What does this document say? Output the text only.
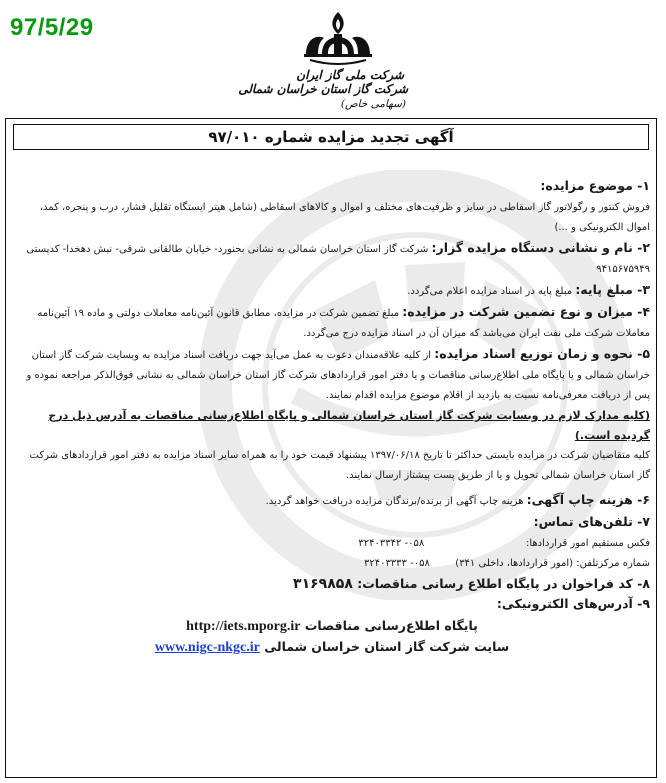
97/5/29
شرکت ملی گاز ایران
شرکت گاز استان خراسان شمالی
(سهامی خاص)
آگهی تجدید مزایده شماره ۹۷/۰۱۰

۱- موضوع مزایده:

فروش کنتور و رگولاتور گاز اسقاطی در سایز و ظرفیت‌های مختلف و اموال و کالاهای اسقاطی (شامل هیتر ایستگاه تقلیل فشار، درب و پنجره، کمد، اموال الکترونیکی و ...)

۲- نام و نشانی دستگاه مزایده گزار: شرکت گاز استان خراسان شمالی به نشانی بجنورد- خیابان طالقانی شرقی- نبش دهخدا- کدپستی ۹۴۱۵۶۷۵۹۴۹

۳- مبلغ پایه: مبلغ پایه در اسناد مزایده اعلام می‌گردد.

۴- میزان و نوع تضمین شرکت در مزایده: مبلغ تضمین شرکت در مزایده، مطابق قانون آئین‌نامه معاملات دولتی و ماده ۱۹ آئین‌نامه معاملات شرکت ملی نفت ایران می‌باشد که میزان آن در اسناد مزایده درج می‌گردد.

۵- نحوه و زمان توزیع اسناد مزایده: از کلیه علاقه‌مندان دعوت به عمل می‌آید جهت دریافت اسناد مزایده به وبسایت شرکت گاز استان خراسان شمالی و یا پایگاه ملی اطلاع‌رسانی مناقصات و یا دفتر امور قراردادهای شرکت گاز استان خراسان شمالی به نشانی فوق‌الذکر مراجعه نموده و پس از دریافت معرفی‌نامه نسبت به بازدید از اقلام موضوع مزایده اقدام نمایند.

(کلیه مدارک لازم در وبسایت شرکت گاز استان خراسان شمالی و پایگاه اطلاع‌رسانی مناقصات به آدرس ذیل درج گردیده است.)

کلیه متقاضیان شرکت در مزایده بایستی حداکثر تا تاریخ ۱۳۹۷/۰۶/۱۸ پیشنهاد قیمت خود را به همراه سایر اسناد مزایده به دفتر امور قراردادهای شرکت گاز استان خراسان شمالی تحویل و یا از طریق پست پیشتاز ارسال نمایند.

۶- هزینه چاپ آگهی: هزینه چاپ آگهی از برنده/برندگان مزایده دریافت خواهد گردید.

۷- تلفن‌های تماس:

فکس مستقیم امور قراردادها:                                ۰۵۸- ۳۲۴۰۳۳۴۲

شماره مرکزتلفن: (امور قراردادها، داخلی ۳۴۱)        ۰۵۸- ۳۲۴۰۳۳۳۳

۸- کد فراخوان در پایگاه اطلاع رسانی مناقصات: ۳۱۶۹۸۵۸

۹- آدرس‌های الکترونیکی:

پایگاه اطلاع‌رسانی مناقصات http://iets.mporg.ir

سایت شرکت گاز استان خراسان شمالی www.nigc-nkgc.ir
